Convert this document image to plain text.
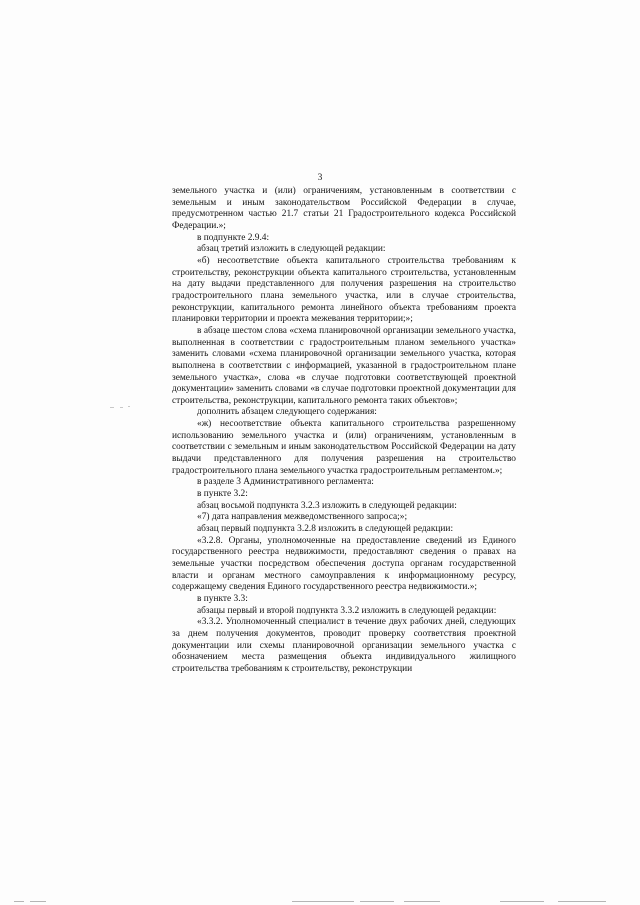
3

земельного участка и (или) ограничениям, установленным в соответствии с земельным и иным законодательством Российской Федерации в случае, предусмотренном частью 21.7 статьи 21 Градостроительного кодекса Российской Федерации.»;

в подпункте 2.9.4:

абзац третий изложить в следующей редакции:

«б) несоответствие объекта капитального строительства требованиям к строительству, реконструкции объекта капитального строительства, установленным на дату выдачи представленного для получения разрешения на строительство градостроительного плана земельного участка, или в случае строительства, реконструкции, капитального ремонта линейного объекта требованиям проекта планировки территории и проекта межевания территории;»;

в абзаце шестом слова «схема планировочной организации земельного участка, выполненная в соответствии с градостроительным планом земельного участка» заменить словами «схема планировочной организации земельного участка, которая выполнена в соответствии с информацией, указанной в градостроительном плане земельного участка», слова «в случае подготовки соответствующей проектной документации» заменить словами «в случае подготовки проектной документации для строительства, реконструкции, капитального ремонта таких объектов»;

дополнить абзацем следующего содержания:

«ж) несоответствие объекта капитального строительства разрешенному использованию земельного участка и (или) ограничениям, установленным в соответствии с земельным и иным законодательством Российской Федерации на дату выдачи представленного для получения разрешения на строительство градостроительного плана земельного участка градостроительным регламентом.»;

в разделе 3 Административного регламента:

в пункте 3.2:

абзац восьмой подпункта 3.2.3 изложить в следующей редакции:

«7) дата направления межведомственного запроса;»;

абзац первый подпункта 3.2.8 изложить в следующей редакции:

«3.2.8. Органы, уполномоченные на предоставление сведений из Единого государственного реестра недвижимости, предоставляют сведения о правах на земельные участки посредством обеспечения доступа органам государственной власти и органам местного самоуправления к информационному ресурсу, содержащему сведения Единого государственного реестра недвижимости.»;

в пункте 3.3:

абзацы первый и второй подпункта 3.3.2 изложить в следующей редакции:

«3.3.2. Уполномоченный специалист в течение двух рабочих дней, следующих за днем получения документов, проводит проверку соответствия проектной документации или схемы планировочной организации земельного участка с обозначением места размещения объекта индивидуального жилищного строительства требованиям к строительству, реконструкции
